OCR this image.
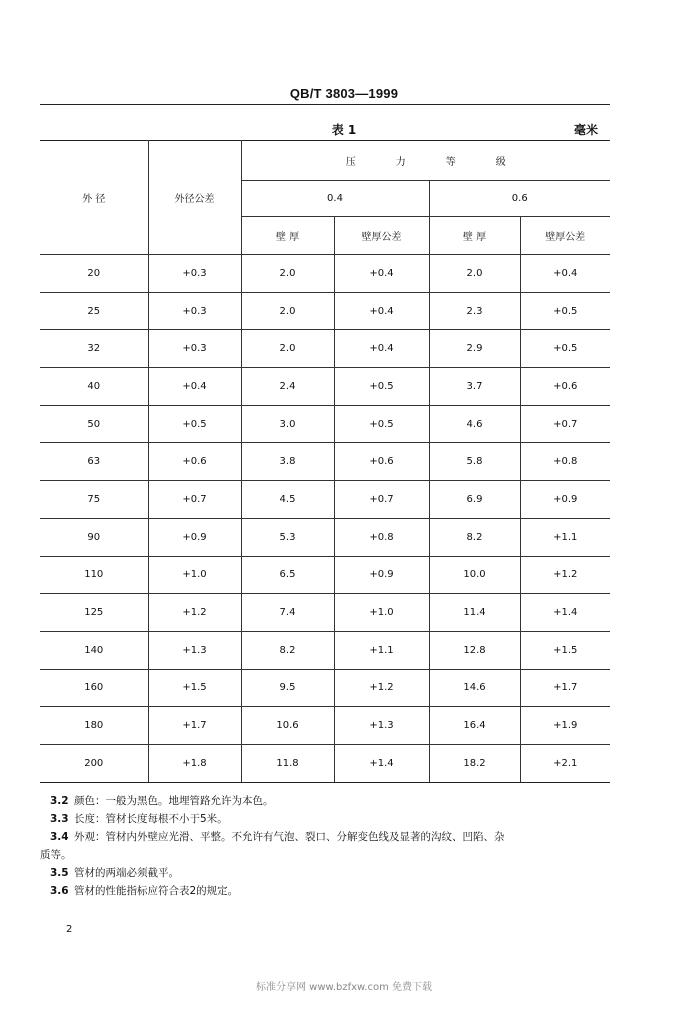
QB/T 3803—1999
表 1	毫米
外 径	外径公差	压力等级			
		0.4		0.6	
		壁 厚	壁厚公差	壁 厚	壁厚公差
20	+0.3	2.0	+0.4	2.0	+0.4
25	+0.3	2.0	+0.4	2.3	+0.5
32	+0.3	2.0	+0.4	2.9	+0.5
40	+0.4	2.4	+0.5	3.7	+0.6
50	+0.5	3.0	+0.5	4.6	+0.7
63	+0.6	3.8	+0.6	5.8	+0.8
75	+0.7	4.5	+0.7	6.9	+0.9
90	+0.9	5.3	+0.8	8.2	+1.1
110	+1.0	6.5	+0.9	10.0	+1.2
125	+1.2	7.4	+1.0	11.4	+1.4
140	+1.3	8.2	+1.1	12.8	+1.5
160	+1.5	9.5	+1.2	14.6	+1.7
180	+1.7	10.6	+1.3	16.4	+1.9
200	+1.8	11.8	+1.4	18.2	+2.1
3.2 颜色：一般为黑色。地埋管路允许为本色。
3.3 长度：管材长度每根不小于5米。
3.4 外观：管材内外壁应光滑、平整。不允许有气泡、裂口、分解变色线及显著的沟纹、凹陷、杂
质等。
3.5 管材的两端必须截平。
3.6 管材的性能指标应符合表2的规定。
2
标准分享网 www.bzfxw.com 免费下载
